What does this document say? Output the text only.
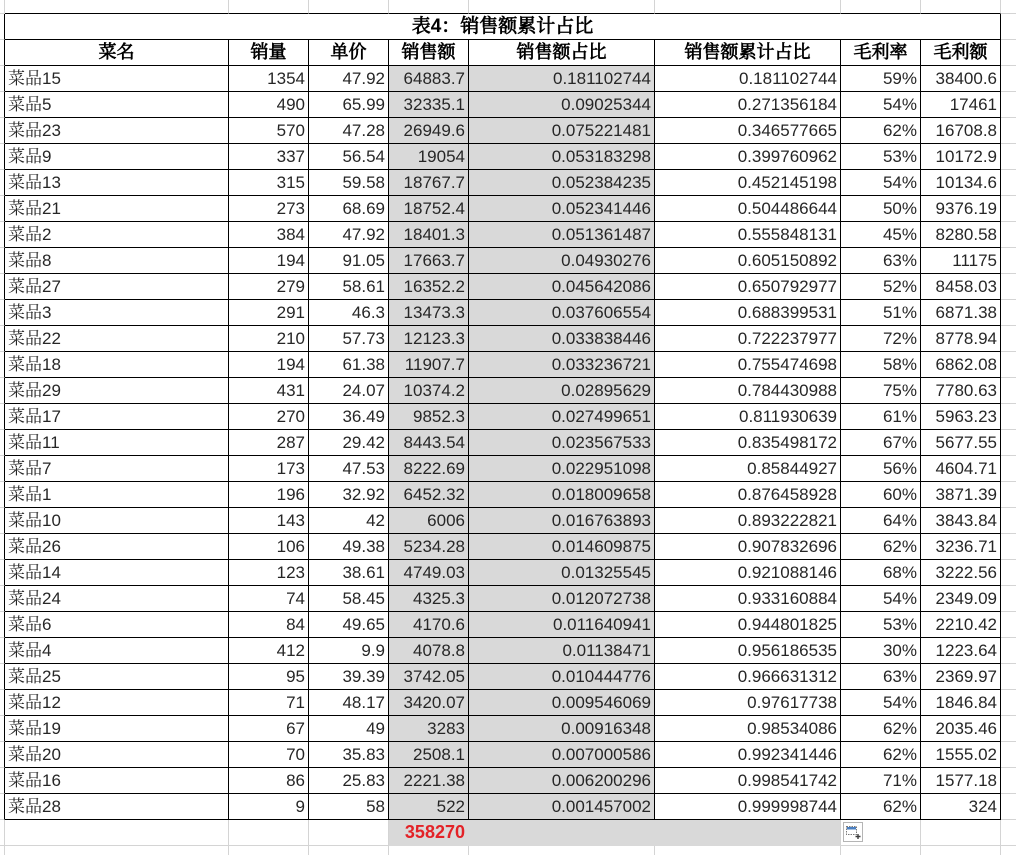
表4：销售额累计占比
菜名	销量	单价	销售额	销售额占比	销售额累计占比	毛利率	毛利额
菜品15	1354	47.92	64883.7	0.181102744	0.181102744	59%	38400.6
菜品5	490	65.99	32335.1	0.09025344	0.271356184	54%	17461
菜品23	570	47.28	26949.6	0.075221481	0.346577665	62%	16708.8
菜品9	337	56.54	19054	0.053183298	0.399760962	53%	10172.9
菜品13	315	59.58	18767.7	0.052384235	0.452145198	54%	10134.6
菜品21	273	68.69	18752.4	0.052341446	0.504486644	50%	9376.19
菜品2	384	47.92	18401.3	0.051361487	0.555848131	45%	8280.58
菜品8	194	91.05	17663.7	0.04930276	0.605150892	63%	11175
菜品27	279	58.61	16352.2	0.045642086	0.650792977	52%	8458.03
菜品3	291	46.3	13473.3	0.037606554	0.688399531	51%	6871.38
菜品22	210	57.73	12123.3	0.033838446	0.722237977	72%	8778.94
菜品18	194	61.38	11907.7	0.033236721	0.755474698	58%	6862.08
菜品29	431	24.07	10374.2	0.02895629	0.784430988	75%	7780.63
菜品17	270	36.49	9852.3	0.027499651	0.811930639	61%	5963.23
菜品11	287	29.42	8443.54	0.023567533	0.835498172	67%	5677.55
菜品7	173	47.53	8222.69	0.022951098	0.85844927	56%	4604.71
菜品1	196	32.92	6452.32	0.018009658	0.876458928	60%	3871.39
菜品10	143	42	6006	0.016763893	0.893222821	64%	3843.84
菜品26	106	49.38	5234.28	0.014609875	0.907832696	62%	3236.71
菜品14	123	38.61	4749.03	0.01325545	0.921088146	68%	3222.56
菜品24	74	58.45	4325.3	0.012072738	0.933160884	54%	2349.09
菜品6	84	49.65	4170.6	0.011640941	0.944801825	53%	2210.42
菜品4	412	9.9	4078.8	0.01138471	0.956186535	30%	1223.64
菜品25	95	39.39	3742.05	0.010444776	0.966631312	63%	2369.97
菜品12	71	48.17	3420.07	0.009546069	0.97617738	54%	1846.84
菜品19	67	49	3283	0.00916348	0.98534086	62%	2035.46
菜品20	70	35.83	2508.1	0.007000586	0.992341446	62%	1555.02
菜品16	86	25.83	2221.38	0.006200296	0.998541742	71%	1577.18
菜品28	9	58	522	0.001457002	0.999998744	62%	324
358270
